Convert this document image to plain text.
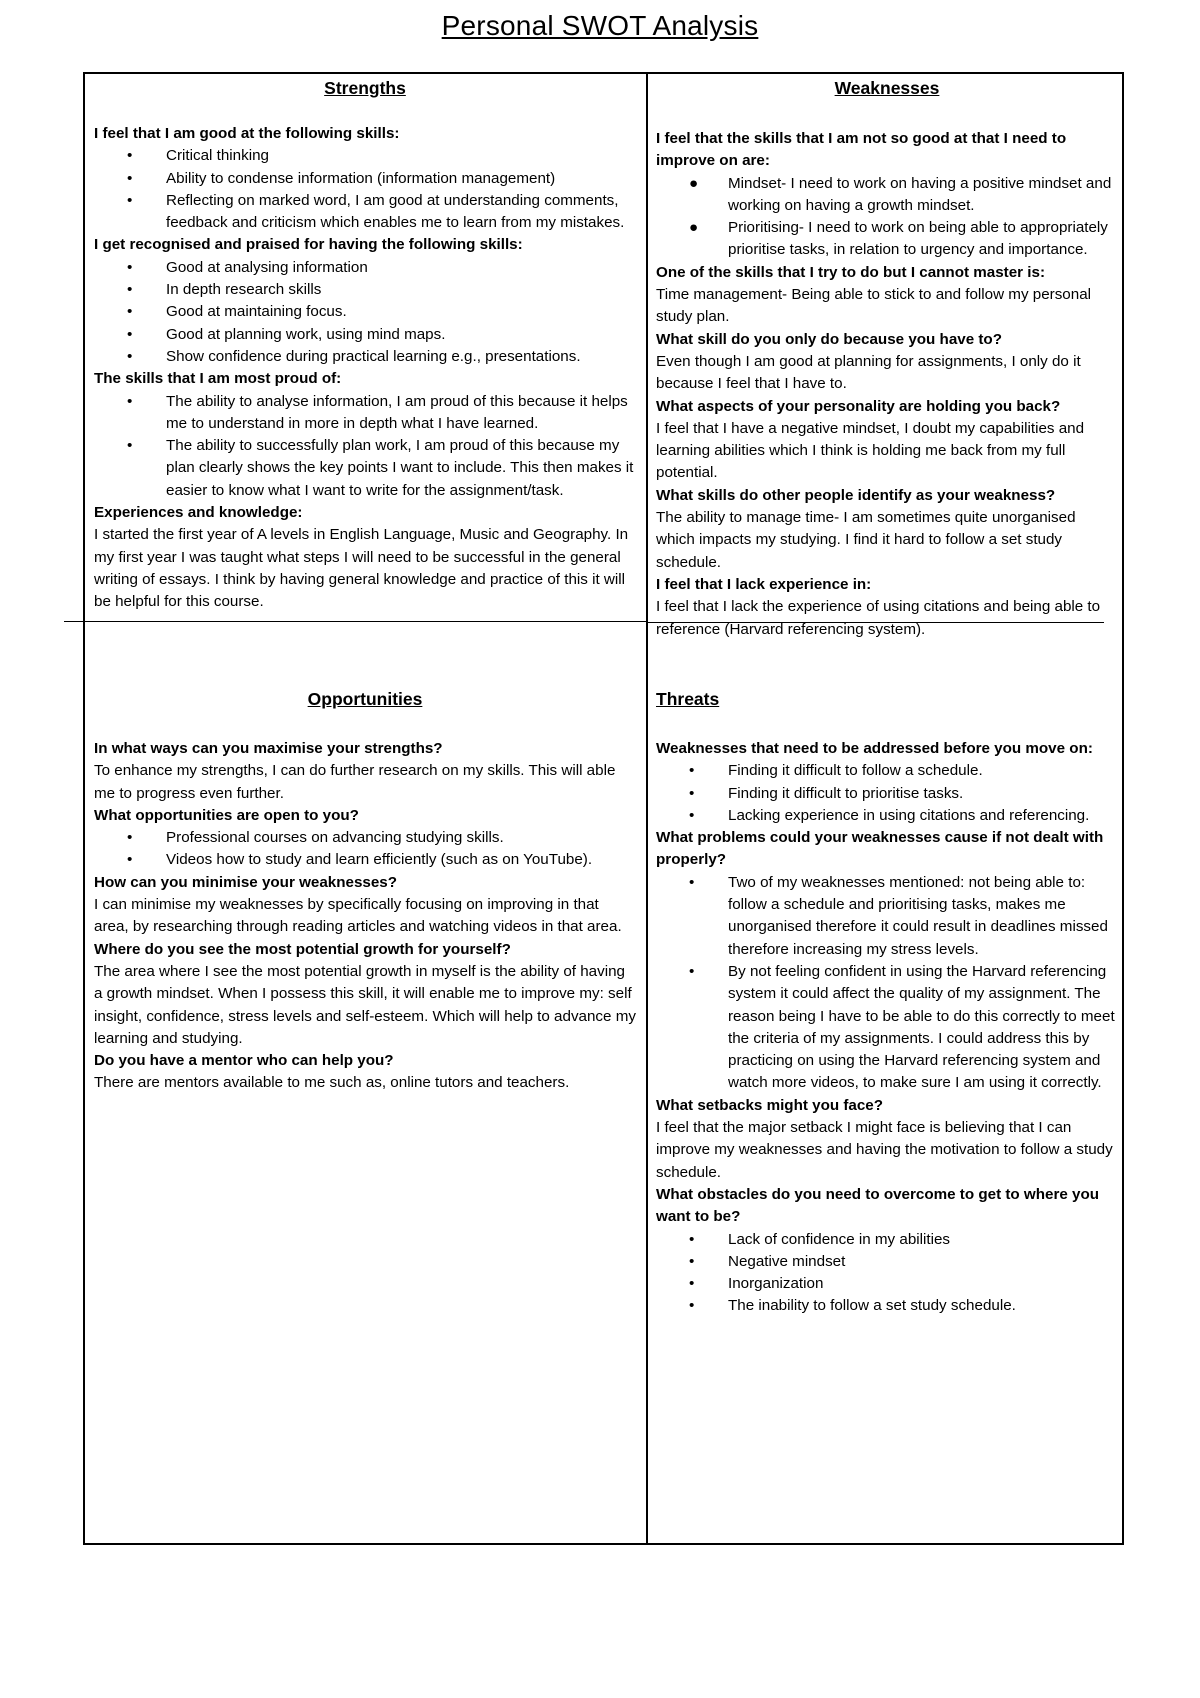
Personal SWOT Analysis
Strengths
I feel that I am good at the following skills:
• Critical thinking
• Ability to condense information (information management)
• Reflecting on marked word, I am good at understanding comments, feedback and criticism which enables me to learn from my mistakes.
I get recognised and praised for having the following skills:
• Good at analysing information
• In depth research skills
• Good at maintaining focus.
• Good at planning work, using mind maps.
• Show confidence during practical learning e.g., presentations.
The skills that I am most proud of:
• The ability to analyse information, I am proud of this because it helps me to understand in more in depth what I have learned.
• The ability to successfully plan work, I am proud of this because my plan clearly shows the key points I want to include. This then makes it easier to know what I want to write for the assignment/task.
Experiences and knowledge:
I started the first year of A levels in English Language, Music and Geography. In my first year I was taught what steps I will need to be successful in the general writing of essays. I think by having general knowledge and practice of this it will be helpful for this course.
Weaknesses
I feel that the skills that I am not so good at that I need to improve on are:
● Mindset- I need to work on having a positive mindset and working on having a growth mindset.
● Prioritising- I need to work on being able to appropriately prioritise tasks, in relation to urgency and importance.
One of the skills that I try to do but I cannot master is:
Time management- Being able to stick to and follow my personal study plan.
What skill do you only do because you have to?
Even though I am good at planning for assignments, I only do it because I feel that I have to.
What aspects of your personality are holding you back?
I feel that I have a negative mindset, I doubt my capabilities and learning abilities which I think is holding me back from my full potential.
What skills do other people identify as your weakness?
The ability to manage time- I am sometimes quite unorganised which impacts my studying. I find it hard to follow a set study schedule.
I feel that I lack experience in:
I feel that I lack the experience of using citations and being able to reference (Harvard referencing system).
Opportunities
In what ways can you maximise your strengths?
To enhance my strengths, I can do further research on my skills. This will able me to progress even further.
What opportunities are open to you?
• Professional courses on advancing studying skills.
• Videos how to study and learn efficiently (such as on YouTube).
How can you minimise your weaknesses?
I can minimise my weaknesses by specifically focusing on improving in that area, by researching through reading articles and watching videos in that area.
Where do you see the most potential growth for yourself?
The area where I see the most potential growth in myself is the ability of having a growth mindset. When I possess this skill, it will enable me to improve my: self insight, confidence, stress levels and self-esteem. Which will help to advance my learning and studying.
Do you have a mentor who can help you?
There are mentors available to me such as, online tutors and teachers.
Threats
Weaknesses that need to be addressed before you move on:
• Finding it difficult to follow a schedule.
• Finding it difficult to prioritise tasks.
• Lacking experience in using citations and referencing.
What problems could your weaknesses cause if not dealt with properly?
• Two of my weaknesses mentioned: not being able to: follow a schedule and prioritising tasks, makes me unorganised therefore it could result in deadlines missed therefore increasing my stress levels.
• By not feeling confident in using the Harvard referencing system it could affect the quality of my assignment. The reason being I have to be able to do this correctly to meet the criteria of my assignments. I could address this by practicing on using the Harvard referencing system and watch more videos, to make sure I am using it correctly.
What setbacks might you face?
I feel that the major setback I might face is believing that I can improve my weaknesses and having the motivation to follow a study schedule.
What obstacles do you need to overcome to get to where you want to be?
• Lack of confidence in my abilities
• Negative mindset
• Inorganization
• The inability to follow a set study schedule.
